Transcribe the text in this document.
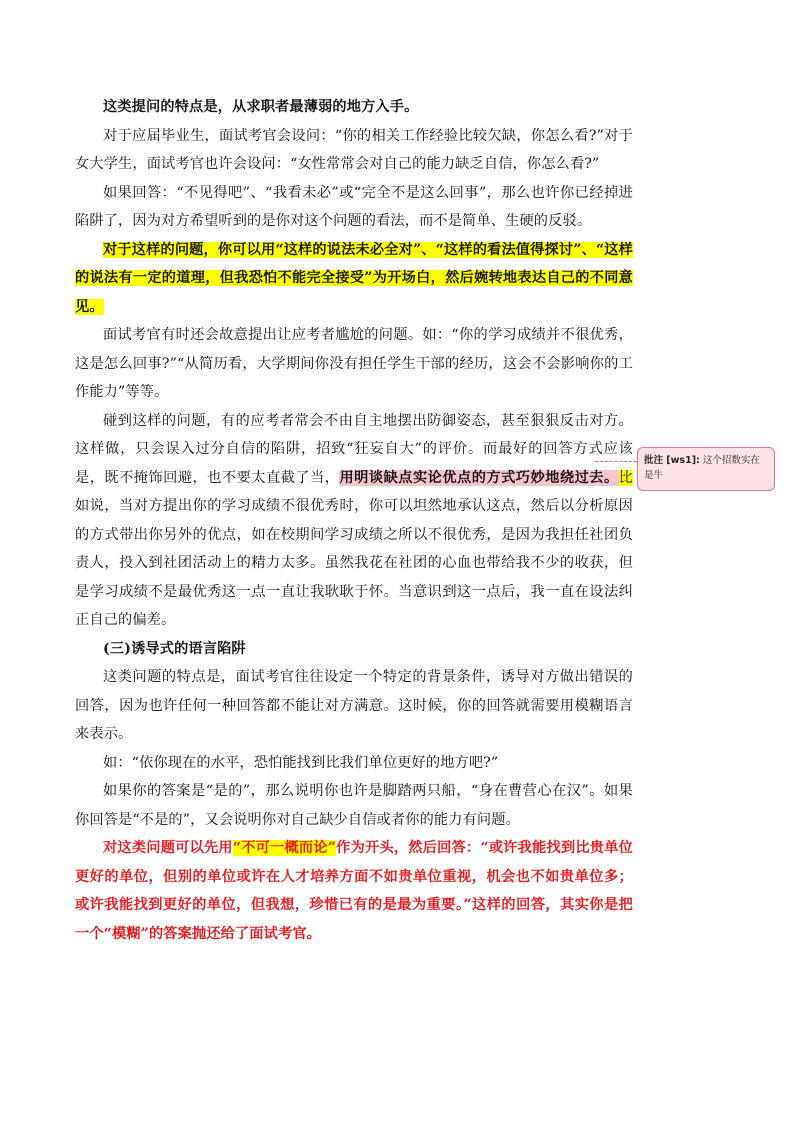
这类提问的特点是，从求职者最薄弱的地方入手。

对于应届毕业生，面试考官会设问：“你的相关工作经验比较欠缺，你怎么看?”对于女大学生，面试考官也许会设问：“女性常常会对自己的能力缺乏自信，你怎么看?”

如果回答：“不见得吧”、“我看未必”或“完全不是这么回事”，那么也许你已经掉进陷阱了，因为对方希望听到的是你对这个问题的看法，而不是简单、生硬的反驳。

对于这样的问题，你可以用“这样的说法未必全对”、“这样的看法值得探讨”、“这样的说法有一定的道理，但我恐怕不能完全接受”为开场白，然后婉转地表达自己的不同意见。

面试考官有时还会故意提出让应考者尴尬的问题。如：“你的学习成绩并不很优秀，这是怎么回事?”“从简历看，大学期间你没有担任学生干部的经历，这会不会影响你的工作能力”等等。

碰到这样的问题，有的应考者常会不由自主地摆出防御姿态，甚至狠狠反击对方。这样做，只会误入过分自信的陷阱，招致“狂妄自大”的评价。而最好的回答方式应该是，既不掩饰回避，也不要太直截了当，用明谈缺点实论优点的方式巧妙地绕过去。比如说，当对方提出你的学习成绩不很优秀时，你可以坦然地承认这点，然后以分析原因的方式带出你另外的优点，如在校期间学习成绩之所以不很优秀，是因为我担任社团负责人，投入到社团活动上的精力太多。虽然我花在社团的心血也带给我不少的收获，但是学习成绩不是最优秀这一点一直让我耿耿于怀。当意识到这一点后，我一直在设法纠正自己的偏差。

(三)诱导式的语言陷阱

这类问题的特点是，面试考官往往设定一个特定的背景条件，诱导对方做出错误的回答，因为也许任何一种回答都不能让对方满意。这时候，你的回答就需要用模糊语言来表示。

如：“依你现在的水平，恐怕能找到比我们单位更好的地方吧?”

如果你的答案是“是的”，那么说明你也许是脚踏两只船，“身在曹营心在汉”。如果你回答是“不是的”，又会说明你对自己缺少自信或者你的能力有问题。

对这类问题可以先用“不可一概而论”作为开头，然后回答：“或许我能找到比贵单位更好的单位，但别的单位或许在人才培养方面不如贵单位重视，机会也不如贵单位多；或许我能找到更好的单位，但我想，珍惜已有的是最为重要。”这样的回答，其实你是把一个“模糊”的答案抛还给了面试考官。

批注 [ws1]: 这个招数实在是牛
